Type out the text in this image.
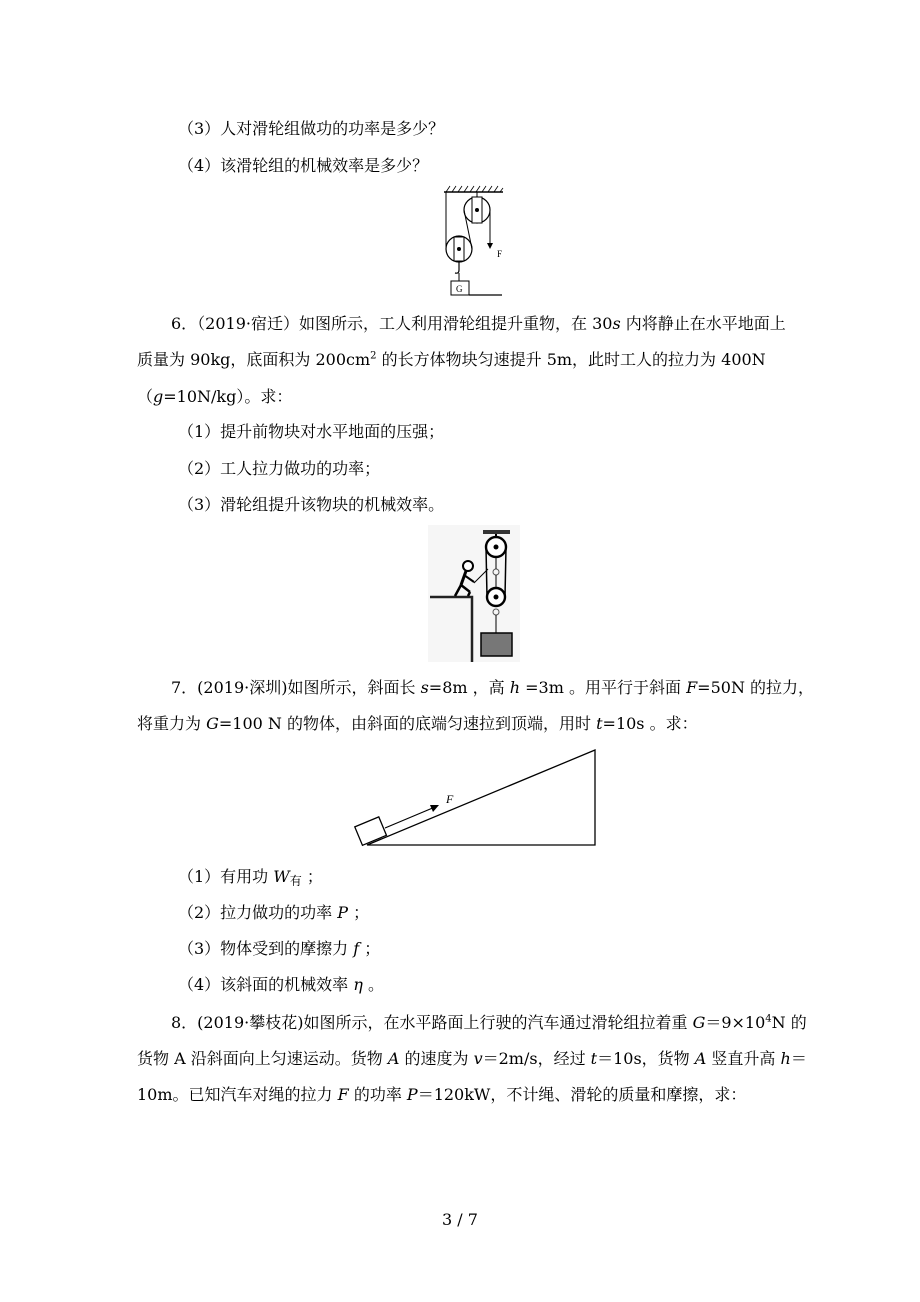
（3）人对滑轮组做功的功率是多少？
（4）该滑轮组的机械效率是多少？
F
G
6．（2019·宿迁）如图所示，工人利用滑轮组提升重物，在 30s 内将静止在水平地面上
质量为 90kg，底面积为 $200cm^2$ 的长方体物块匀速提升 5m，此时工人的拉力为 400N
（g=10N/kg）。求：
（1）提升前物块对水平地面的压强；
（2）工人拉力做功的功率；
（3）滑轮组提升该物块的机械效率。
7．(2019·深圳)如图所示，斜面长 s=8m ，高 h =3m 。用平行于斜面 F=50N 的拉力，
将重力为 G=100 N 的物体，由斜面的底端匀速拉到顶端，用时 t=10s 。求：
F
（1）有用功 $W_有$ ；
（2）拉力做功的功率 P ；
（3）物体受到的摩擦力 f ；
（4）该斜面的机械效率 η 。
8．(2019·攀枝花)如图所示，在水平路面上行驶的汽车通过滑轮组拉着重 $G=9\times 10^4N$ 的
货物 A 沿斜面向上匀速运动。货物 A 的速度为 v＝2m/s，经过 t＝10s，货物 A 竖直升高 h＝
10m。已知汽车对绳的拉力 F 的功率 P＝120kW，不计绳、滑轮的质量和摩擦，求：
3 / 7
